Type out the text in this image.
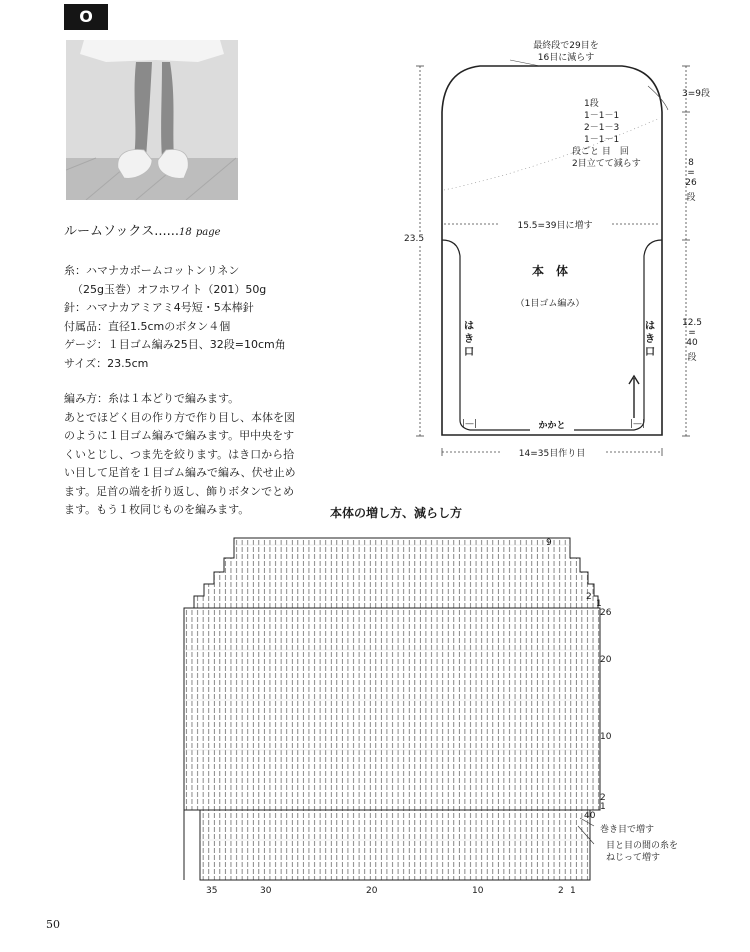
O
ルームソックス......18 page
糸：ハマナカボームコットンリネン
（25g玉巻）オフホワイト（201）50g
針：ハマナカアミアミ4号短・5本棒針
付属品：直径1.5cmのボタン４個
ゲージ：１目ゴム編み25目、32段=10cm角
サイズ：23.5cm
編み方：糸は１本どりで編みます。
あとでほどく目の作り方で作り目し、本体を図
のように１目ゴム編みで編みます。甲中央をす
くいとじし、つま先を絞ります。はき口から拾
い目して足首を１目ゴム編みで編み、伏せ止め
ます。足首の端を折り返し、飾りボタンでとめ
ます。もう１枚同じものを編みます。
|—|	|—|
最終段で29目を
16目に減らす
3=9段
1段
1－1－1
2－1－3
1－1－1
段ごと 目　回
2目立てて減らす	8
=
26
段
12.5
=
40
段
23.5
15.5=39目に増す
本　体
（1目ゴム編み）
はき口
はき口
かかと
14=35目作り目
本体の増し方、減らし方
9
2
1
26
20
10
2
1
40
巻き目で増す
目と目の間の糸を
ねじって増す
35	30	20	10	2 1
50
